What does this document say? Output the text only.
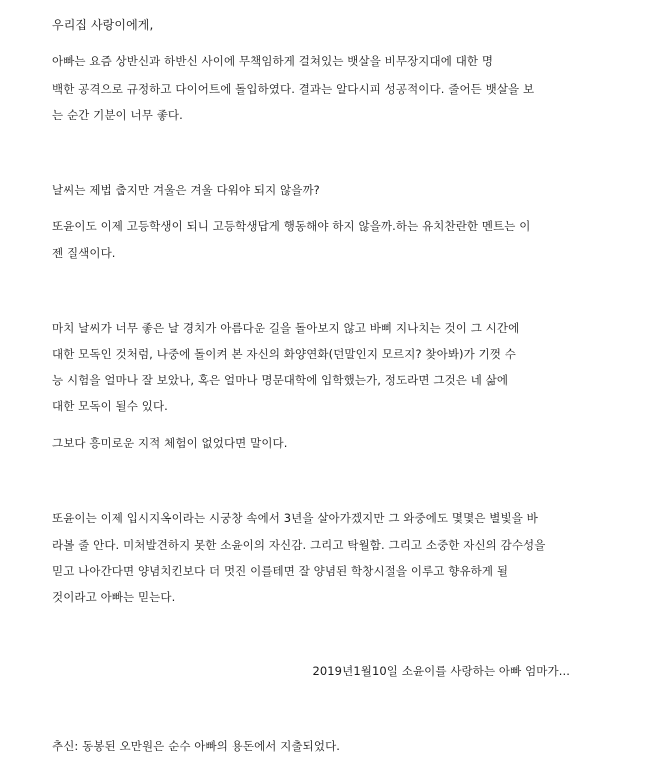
우리집 사랑이에게,
아빠는 요즘 상반신과 하반신 사이에 무책임하게 걸쳐있는 뱃살을 비무장지대에 대한 명
백한 공격으로 규정하고 다이어트에 돌입하였다. 결과는 알다시피 성공적이다. 줄어든 뱃살을 보
는 순간 기분이 너무 좋다.
날씨는 제법 춥지만 겨울은 겨울 다워야 되지 않을까?
또윤이도 이제 고등학생이 되니 고등학생답게 행동해야 하지 않을까.하는 유치찬란한 멘트는 이
젠 질색이다.
마치 날씨가 너무 좋은 날 경치가 아름다운 길을 돌아보지 않고 바삐 지나치는 것이 그 시간에
대한 모독인 것처럼, 나중에 돌이켜 본 자신의 화양연화(던말인지 모르지? 찾아봐)가 기껏 수
능 시험을 얼마나 잘 보았나, 혹은 얼마나 명문대학에 입학했는가, 정도라면 그것은 네 삶에
대한 모독이 될수 있다.
그보다 흥미로운 지적 체험이 없었다면 말이다.
또윤이는 이제 입시지옥이라는 시궁창 속에서 3년을 살아가겠지만 그 와중에도 몇몇은 별빛을 바
라볼 줄 안다. 미처발견하지 못한 소윤이의 자신감. 그리고 탁월함. 그리고 소중한 자신의 감수성을
믿고 나아간다면 양념치킨보다 더 멋진 이를테면 잘 양념된 학창시절을 이루고 향유하게 될
것이라고 아빠는 믿는다.
2019년1월10일 소윤이를 사랑하는 아빠 엄마가...
추신: 동봉된 오만원은 순수 아빠의 용돈에서 지출되었다.
